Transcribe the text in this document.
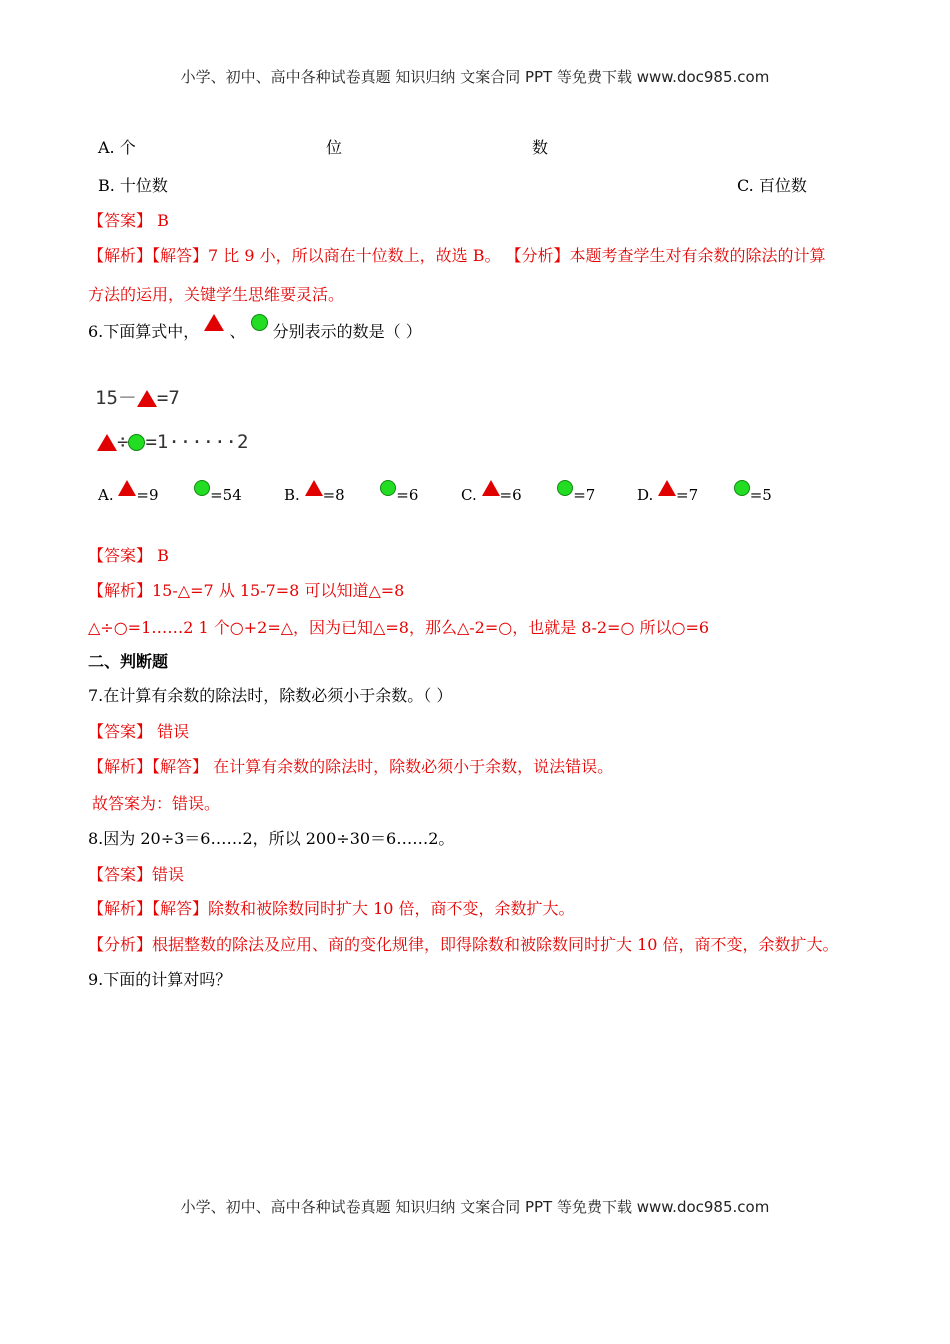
小学、初中、高中各种试卷真题 知识归纳 文案合同 PPT 等免费下载 www.doc985.com
A. 个	位	数
B. 十位数	C. 百位数
【答案】 B
【解析】【解答】7 比 9 小，所以商在十位数上，故选 B。 【分析】本题考查学生对有余数的除法的计算
方法的运用，关键学生思维要灵活。
6.下面算式中， 、 分别表示的数是（ ）
15－ =7
÷ =1······2
A. =9	=54	B. =8	=6	C. =6	=7	D. =7	=5
【答案】 B
【解析】15-△=7 从 15-7=8 可以知道△=8
△÷○=1……2 1 个○+2=△，因为已知△=8，那么△-2=○，也就是 8-2=○ 所以○=6
二、判断题
7.在计算有余数的除法时，除数必须小于余数。（ ）
【答案】 错误
【解析】【解答】 在计算有余数的除法时，除数必须小于余数，说法错误。
故答案为：错误。
8.因为 20÷3＝6……2，所以 200÷30＝6……2。
【答案】错误
【解析】【解答】除数和被除数同时扩大 10 倍，商不变，余数扩大。
【分析】根据整数的除法及应用、商的变化规律，即得除数和被除数同时扩大 10 倍，商不变，余数扩大。
9.下面的计算对吗？
小学、初中、高中各种试卷真题 知识归纳 文案合同 PPT 等免费下载 www.doc985.com
